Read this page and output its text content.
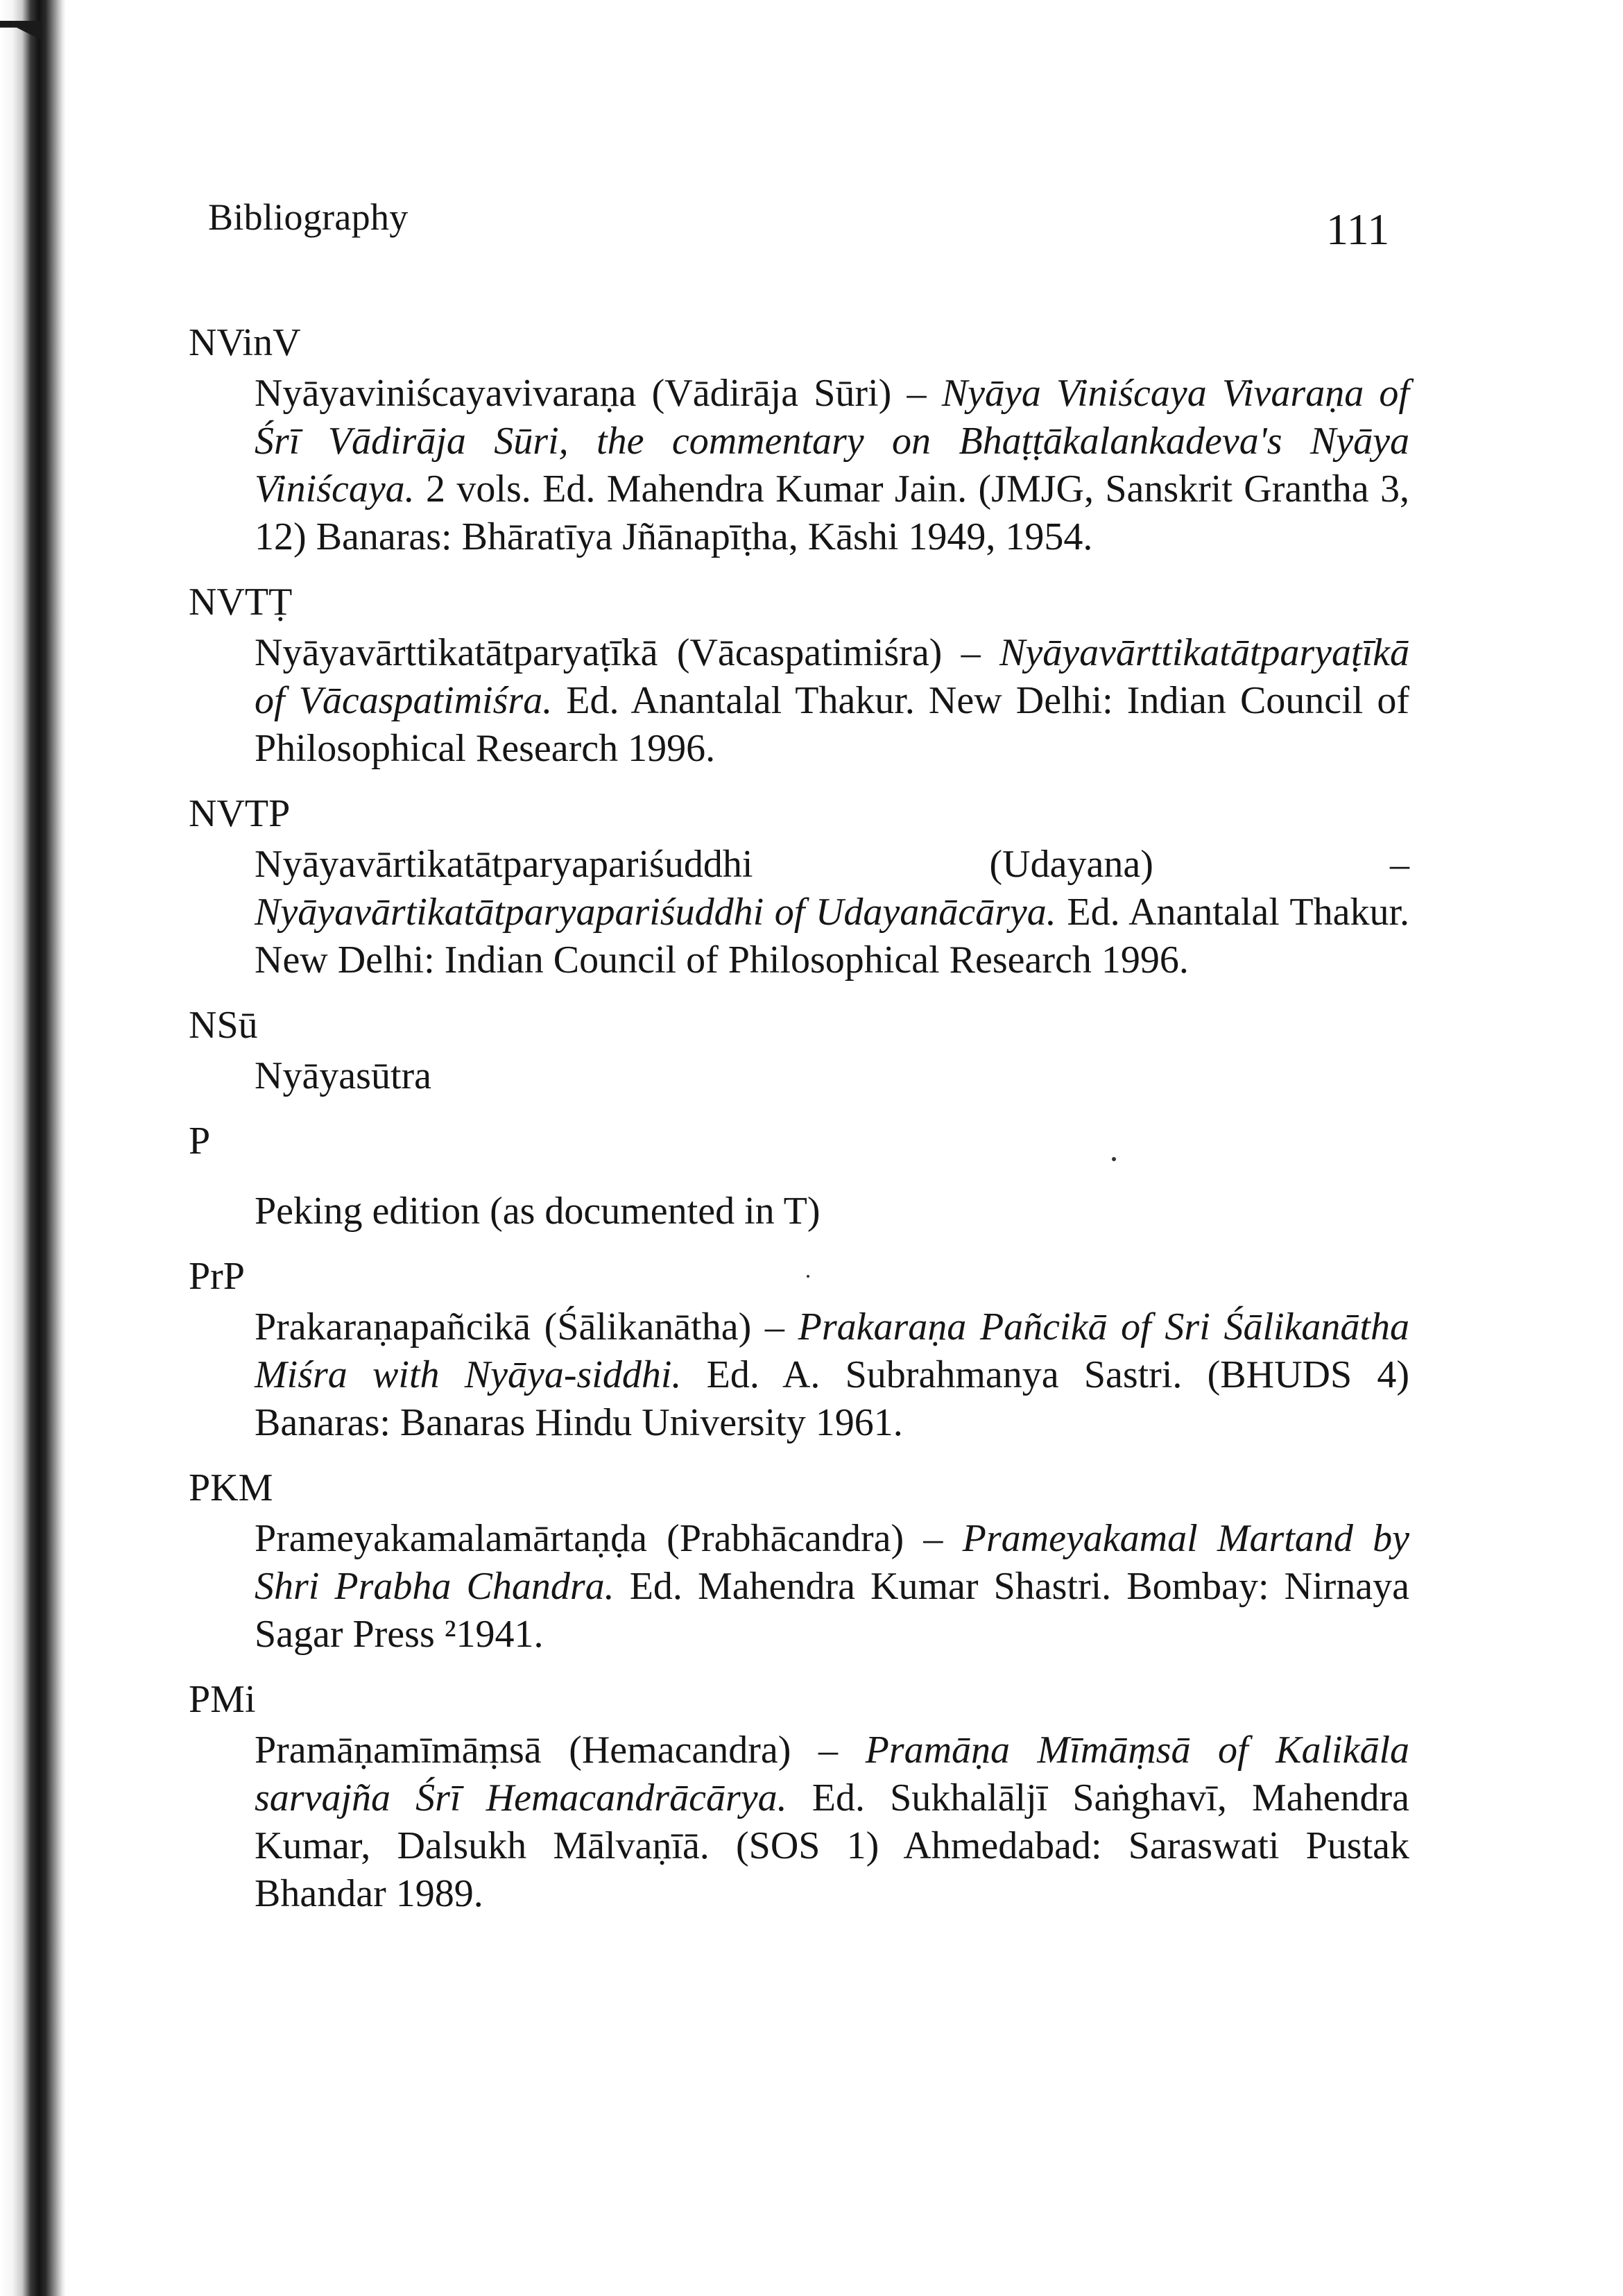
Bibliography	111
NVinV
Nyāyaviniścayavivaraṇa (Vādirāja Sūri) – Nyāya Viniścaya Vivaraṇa of Śrī Vādirāja Sūri, the commentary on Bhaṭṭākalankadeva's Nyāya Viniścaya. 2 vols. Ed. Mahendra Kumar Jain. (JMJG, Sanskrit Grantha 3, 12) Banaras: Bhāratīya Jñānapīṭha, Kāshi 1949, 1954.
NVTṬ
Nyāyavārttikatātparyaṭīkā (Vācaspatimiśra) – Nyāyavārttikatātparyaṭīkā of Vācaspatimiśra. Ed. Anantalal Thakur. New Delhi: Indian Council of Philosophical Research 1996.
NVTP
Nyāyavārtikatātparyapariśuddhi (Udayana) – Nyāyavārtikatātparyapariśuddhi of Udayanācārya. Ed. Anantalal Thakur. New Delhi: Indian Council of Philosophical Research 1996.
NSū
Nyāyasūtra
P
Peking edition (as documented in T)
PrP
Prakaraṇapañcikā (Śālikanātha) – Prakaraṇa Pañcikā of Sri Śālikanātha Miśra with Nyāya-siddhi. Ed. A. Subrahmanya Sastri. (BHUDS 4) Banaras: Banaras Hindu University 1961.
PKM
Prameyakamalamārtaṇḍa (Prabhācandra) – Prameyakamal Martand by Shri Prabha Chandra. Ed. Mahendra Kumar Shastri. Bombay: Nirnaya Sagar Press ²1941.
PMi
Pramāṇamīmāṃsā (Hemacandra) – Pramāṇa Mīmāṃsā of Kalikāla sarvajña Śrī Hemacandrācārya. Ed. Sukhalāljī Saṅghavī, Mahendra Kumar, Dalsukh Mālvaṇīā. (SOS 1) Ahmedabad: Saraswati Pustak Bhandar 1989.
